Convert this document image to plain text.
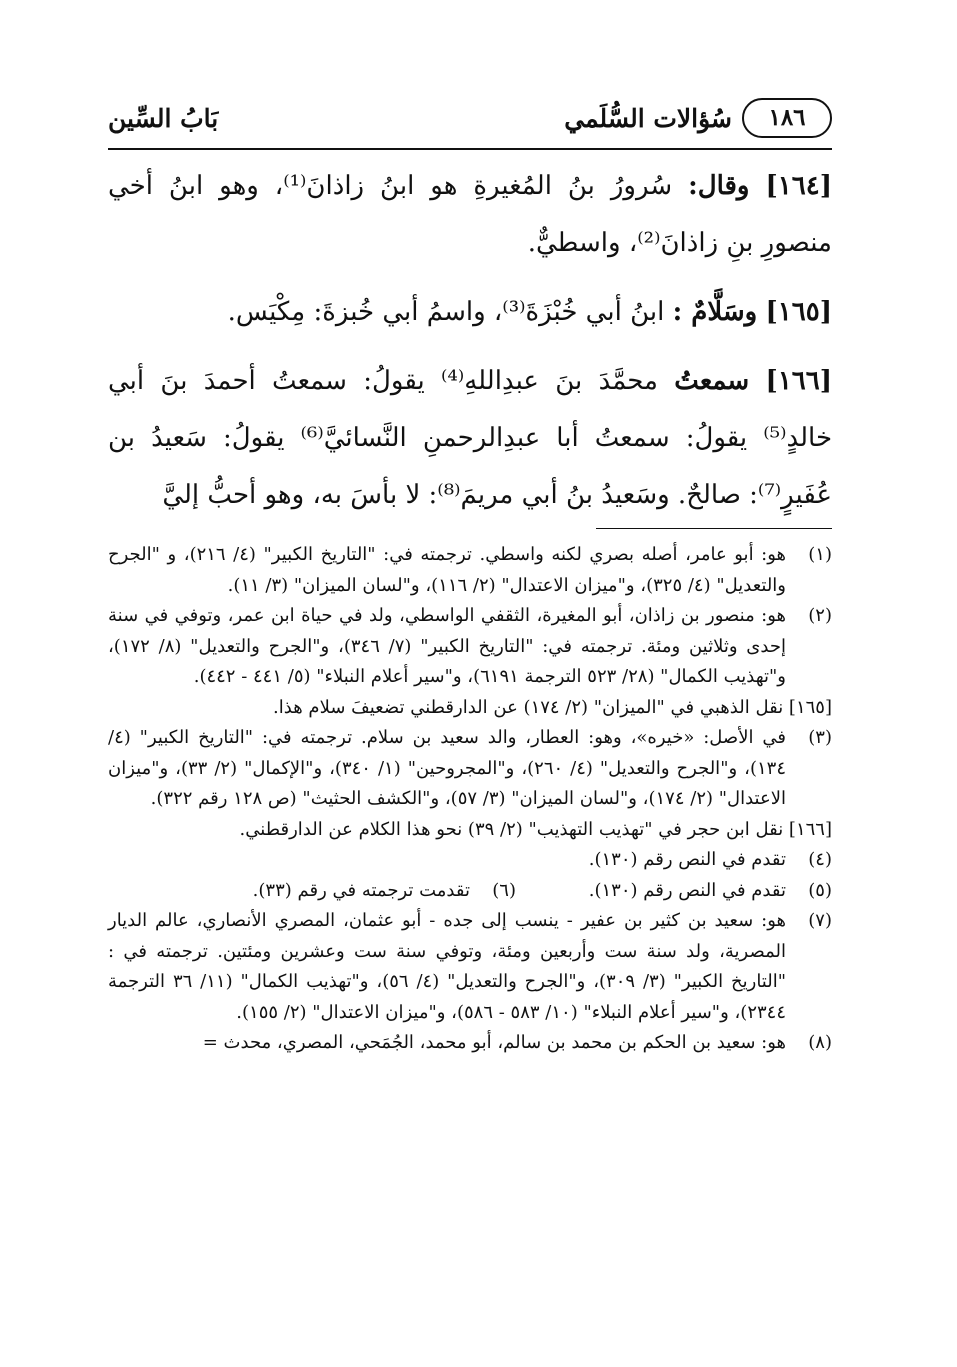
١٨٦
سُؤالات السُّلَمي
بَابُ السِّين

[١٦٤] وقال: سُرورُ بنُ المُغيرةِ هو ابنُ زاذانَ⁽¹⁾، وهو ابنُ أخي منصورِ بنِ زاذانَ⁽²⁾، واسطيٌّ.

[١٦٥] وسَلَّامٌ : ابنُ أبي خُبْزَةَ⁽³⁾، واسمُ أبي خُبزةَ: مِكْيَس.

[١٦٦] سمعتُ محمَّدَ بنَ عبدِاللهِ⁽⁴⁾ يقولُ: سمعتُ أحمدَ بنَ أبي خالدٍ⁽⁵⁾ يقولُ: سمعتُ أبا عبدِالرحمنِ النَّسائيَّ⁽⁶⁾ يقولُ: سَعيدُ بن عُفَيرٍ⁽⁷⁾: صالحٌ. وسَعيدُ بنُ أبي مريمَ⁽⁸⁾: لا بأسَ به، وهو أحبُّ إليَّ

(١)
هو: أبو عامر، أصله بصري لكنه واسطي. ترجمته في: "التاريخ الكبير" (٤/ ٢١٦)، و "الجرح والتعديل" (٤/ ٣٢٥)، و"ميزان الاعتدال" (٢/ ١١٦)، و"لسان الميزان" (٣/ ١١).
(٢)
هو: منصور بن زاذان، أبو المغيرة، الثقفي الواسطي، ولد في حياة ابن عمر، وتوفي في سنة إحدى وثلاثين ومئة. ترجمته في: "التاريخ الكبير" (٧/ ٣٤٦)، و"الجرح والتعديل" (٨/ ١٧٢)، و"تهذيب الكمال" (٢٨/ ٥٢٣ الترجمة ٦١٩١)، و"سير أعلام النبلاء" (٥/ ٤٤١ - ٤٤٢).
[١٦٥] نقل الذهبي في "الميزان" (٢/ ١٧٤) عن الدارقطني تضعيفَ سلام هذا.
(٣)
في الأصل: «خيره»، وهو: العطار، والد سعيد بن سلام. ترجمته في: "التاريخ الكبير" (٤/ ١٣٤)، و"الجرح والتعديل" (٤/ ٢٦٠)، و"المجروحين" (١/ ٣٤٠)، و"الإكمال" (٢/ ٣٣)، و"ميزان الاعتدال" (٢/ ١٧٤)، و"لسان الميزان" (٣/ ٥٧)، و"الكشف الحثيث" (ص ١٢٨ رقم ٣٢٢).
[١٦٦] نقل ابن حجر في "تهذيب التهذيب" (٢/ ٣٩) نحو هذا الكلام عن الدارقطني.
(٤)
تقدم في النص رقم (١٣٠).
(٥)
تقدم في النص رقم (١٣٠).
(٦)
تقدمت ترجمته في رقم (٣٣).
(٧)
هو: سعيد بن كثير بن عفير - ينسب إلى جده - أبو عثمان، المصري الأنصاري، عالم الديار المصرية، ولد سنة ست وأربعين ومئة، وتوفي سنة ست وعشرين ومئتين. ترجمته في : "التاريخ الكبير" (٣/ ٣٠٩)، و"الجرح والتعديل" (٤/ ٥٦)، و"تهذيب الكمال" (١١/ ٣٦ الترجمة ٢٣٤٤)، و"سير أعلام النبلاء" (١٠/ ٥٨٣ - ٥٨٦)، و"ميزان الاعتدال" (٢/ ١٥٥).
(٨)
هو: سعيد بن الحكم بن محمد بن سالم، أبو محمد، الجُمَحي، المصري، محدث =
